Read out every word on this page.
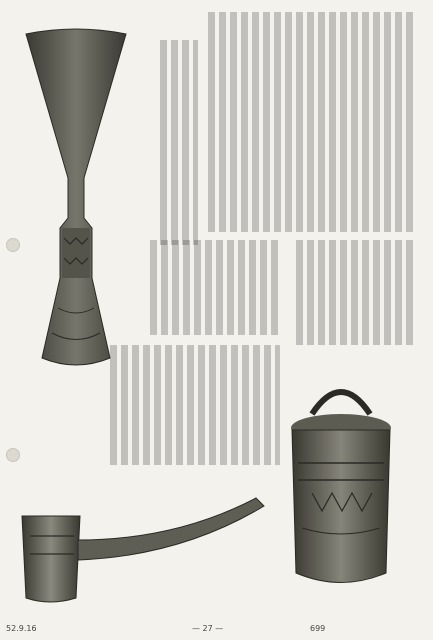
52.9.16	— 27 —	699
